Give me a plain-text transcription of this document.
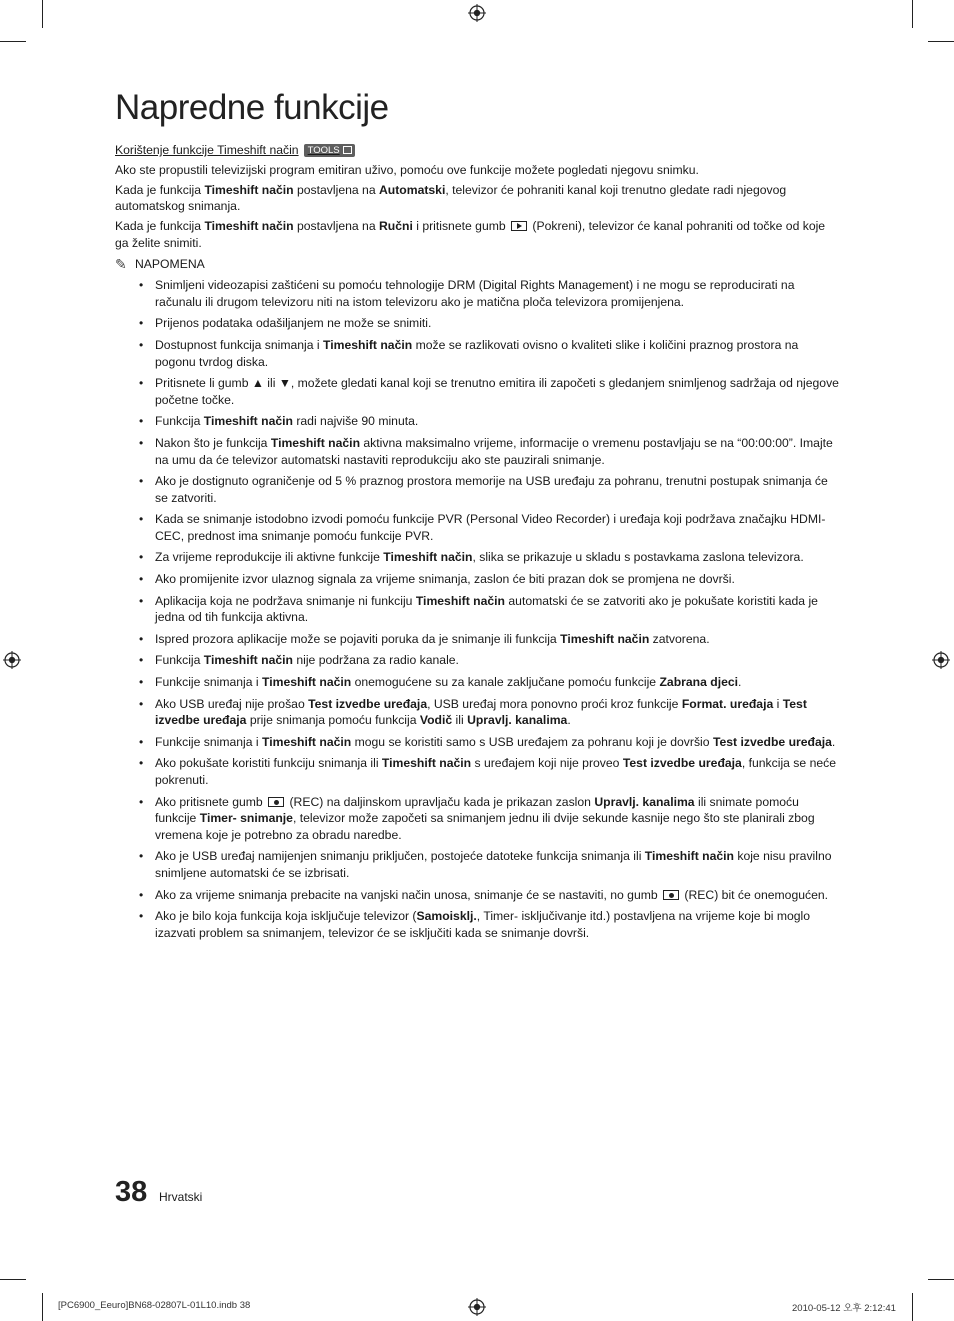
Napredne funkcije
Korištenje funkcije Timeshift način TOOLS

Ako ste propustili televizijski program emitiran uživo, pomoću ove funkcije možete pogledati njegovu snimku.

Kada je funkcija Timeshift način postavljena na Automatski, televizor će pohraniti kanal koji trenutno gledate radi njegovog automatskog snimanja.

Kada je funkcija Timeshift način postavljena na Ručni i pritisnete gumb  (Pokreni), televizor će kanal pohraniti od točke od koje ga želite snimiti.

✎ NAPOMENA
• Snimljeni videozapisi zaštićeni su pomoću tehnologije DRM (Digital Rights Management) i ne mogu se reproducirati na računalu ili drugom televizoru niti na istom televizoru ako je matična ploča televizora promijenjena.
• Prijenos podataka odašiljanjem ne može se snimiti.
• Dostupnost funkcija snimanja i Timeshift način može se razlikovati ovisno o kvaliteti slike i količini praznog prostora na pogonu tvrdog diska.
• Pritisnete li gumb ▲ ili ▼, možete gledati kanal koji se trenutno emitira ili započeti s gledanjem snimljenog sadržaja od njegove početne točke.
• Funkcija Timeshift način radi najviše 90 minuta.
• Nakon što je funkcija Timeshift način aktivna maksimalno vrijeme, informacije o vremenu postavljaju se na “00:00:00”. Imajte na umu da će televizor automatski nastaviti reprodukciju ako ste pauzirali snimanje.
• Ako je dostignuto ograničenje od 5 % praznog prostora memorije na USB uređaju za pohranu, trenutni postupak snimanja će se zatvoriti.
• Kada se snimanje istodobno izvodi pomoću funkcije PVR (Personal Video Recorder) i uređaja koji podržava značajku HDMI-CEC, prednost ima snimanje pomoću funkcije PVR.
• Za vrijeme reprodukcije ili aktivne funkcije Timeshift način, slika se prikazuje u skladu s postavkama zaslona televizora.
• Ako promijenite izvor ulaznog signala za vrijeme snimanja, zaslon će biti prazan dok se promjena ne dovrši.
• Aplikacija koja ne podržava snimanje ni funkciju Timeshift način automatski će se zatvoriti ako je pokušate koristiti kada je jedna od tih funkcija aktivna.
• Ispred prozora aplikacije može se pojaviti poruka da je snimanje ili funkcija Timeshift način zatvorena.
• Funkcija Timeshift način nije podržana za radio kanale.
• Funkcije snimanja i Timeshift način onemogućene su za kanale zaključane pomoću funkcije Zabrana djeci.
• Ako USB uređaj nije prošao Test izvedbe uređaja, USB uređaj mora ponovno proći kroz funkcije Format. uređaja i Test izvedbe uređaja prije snimanja pomoću funkcija Vodič ili Upravlj. kanalima.
• Funkcije snimanja i Timeshift način mogu se koristiti samo s USB uređajem za pohranu koji je dovršio Test izvedbe uređaja.
• Ako pokušate koristiti funkciju snimanja ili Timeshift način s uređajem koji nije proveo Test izvedbe uređaja, funkcija se neće pokrenuti.
• Ako pritisnete gumb  (REC) na daljinskom upravljaču kada je prikazan zaslon Upravlj. kanalima ili snimate pomoću funkcije Timer- snimanje, televizor može započeti sa snimanjem jednu ili dvije sekunde kasnije nego što ste planirali zbog vremena koje je potrebno za obradu naredbe.
• Ako je USB uređaj namijenjen snimanju priključen, postojeće datoteke funkcija snimanja ili Timeshift način koje nisu pravilno snimljene automatski će se izbrisati.
• Ako za vrijeme snimanja prebacite na vanjski način unosa, snimanje će se nastaviti, no gumb  (REC) bit će onemogućen.
• Ako je bilo koja funkcija koja isključuje televizor (Samoisklj., Timer- isključivanje itd.) postavljena na vrijeme koje bi moglo izazvati problem sa snimanjem, televizor će se isključiti kada se snimanje dovrši.
38 Hrvatski
[PC6900_Eeuro]BN68-02807L-01L10.indb 38	2010-05-12 오후 2:12:41
